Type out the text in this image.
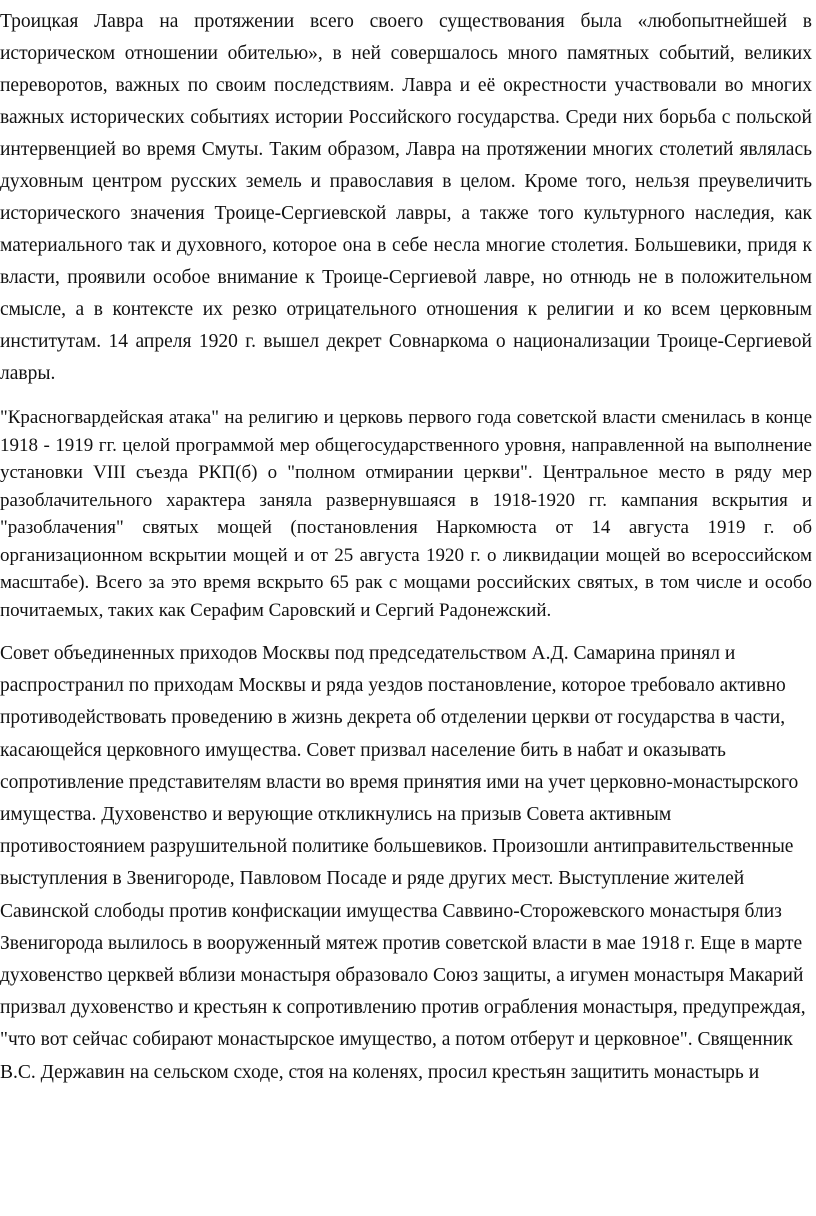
Троицкая Лавра на протяжении всего своего существования была «любопытнейшей в историческом отношении обителью», в ней совершалось много памятных событий, великих переворотов, важных по своим последствиям. Лавра и её окрестности участвовали во многих важных исторических событиях истории Российского государства. Среди них борьба с польской интервенцией во время Смуты. Таким образом, Лавра на протяжении многих столетий являлась духовным центром русских земель и православия в целом. Кроме того, нельзя преувеличить исторического значения Троице-Сергиевской лавры, а также того культурного наследия, как материального так и духовного, которое она в себе несла многие столетия. Большевики, придя к власти, проявили особое внимание к Троице-Сергиевой лавре, но отнюдь не в положительном смысле, а в контексте их резко отрицательного отношения к религии и ко всем церковным институтам. 14 апреля 1920 г. вышел декрет Совнаркома о национализации Троице-Сергиевой лавры.

"Красногвардейская атака" на религию и церковь первого года советской власти сменилась в конце 1918 - 1919 гг. целой программой мер общегосударственного уровня, направленной на выполнение установки VIII съезда РКП(б) о "полном отмирании церкви". Центральное место в ряду мер разоблачительного характера заняла развернувшаяся в 1918-1920 гг. кампания вскрытия и "разоблачения" святых мощей (постановления Наркомюста от 14 августа 1919 г. об организационном вскрытии мощей и от 25 августа 1920 г. о ликвидации мощей во всероссийском масштабе). Всего за это время вскрыто 65 рак с мощами российских святых, в том числе и особо почитаемых, таких как Серафим Саровский и Сергий Радонежский.

Совет объединенных приходов Москвы под председательством А.Д. Самарина принял и распространил по приходам Москвы и ряда уездов постановление, которое требовало активно противодействовать проведению в жизнь декрета об отделении церкви от государства в части, касающейся церковного имущества. Совет призвал население бить в набат и оказывать сопротивление представителям власти во время принятия ими на учет церковно-монастырского имущества. Духовенство и верующие откликнулись на призыв Совета активным противостоянием разрушительной политике большевиков. Произошли антиправительственные выступления в Звенигороде, Павловом Посаде и ряде других мест. Выступление жителей Савинской слободы против конфискации имущества Саввино-Сторожевского монастыря близ Звенигорода вылилось в вооруженный мятеж против советской власти в мае 1918 г. Еще в марте духовенство церквей вблизи монастыря образовало Союз защиты, а игумен монастыря Макарий призвал духовенство и крестьян к сопротивлению против ограбления монастыря, предупреждая, "что вот сейчас собирают монастырское имущество, а потом отберут и церковное". Священник В.С. Державин на сельском сходе, стоя на коленях, просил крестьян защитить монастырь и
